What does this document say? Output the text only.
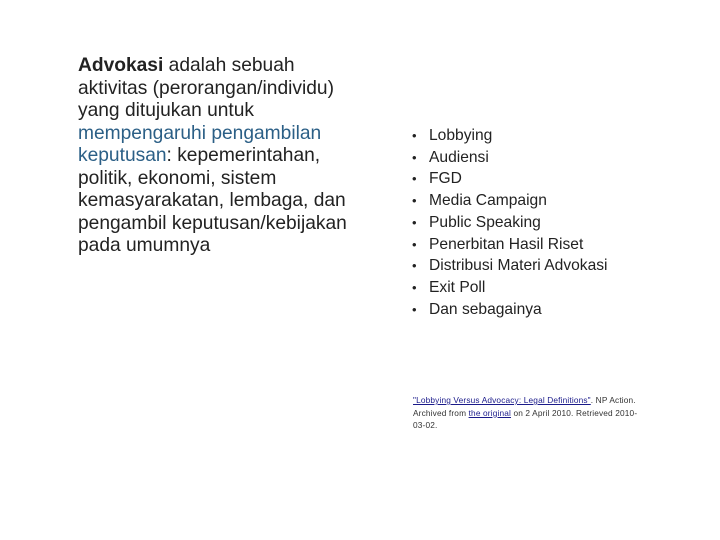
Advokasi adalah sebuah aktivitas (perorangan/individu) yang ditujukan untuk mempengaruhi pengambilan keputusan: kepemerintahan, politik, ekonomi, sistem kemasyarakatan, lembaga, dan pengambil keputusan/kebijakan pada umumnya
• Lobbying
• Audiensi
• FGD
• Media Campaign
• Public Speaking
• Penerbitan Hasil Riset
• Distribusi Materi Advokasi
• Exit Poll
• Dan sebagainya
"Lobbying Versus Advocacy: Legal Definitions". NP Action. Archived from the original on 2 April 2010. Retrieved 2010-03-02.
